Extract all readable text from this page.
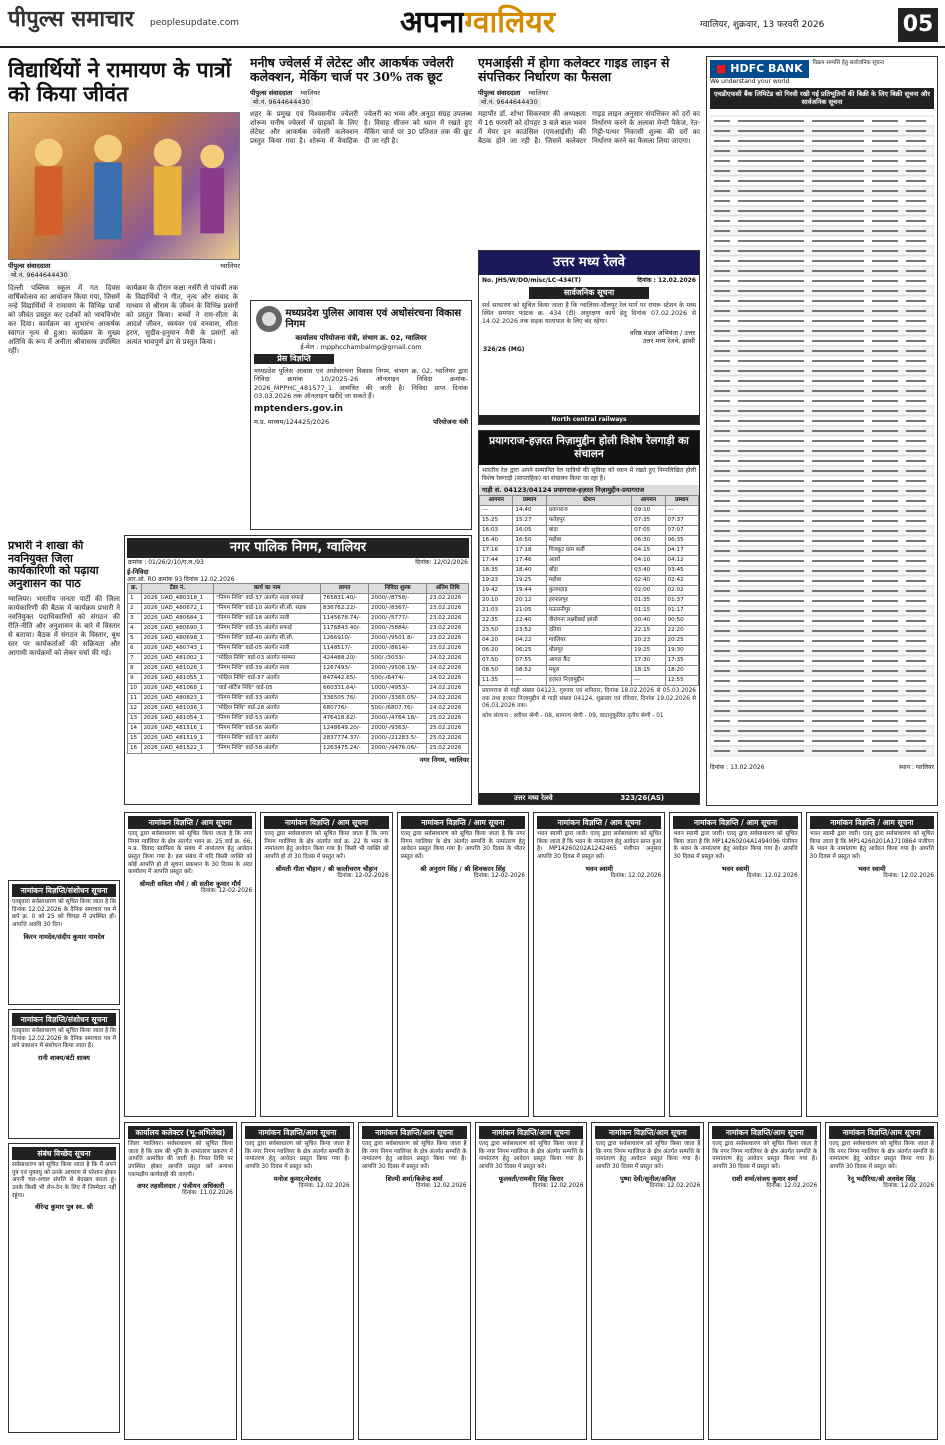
पीपुल्स समाचार peoplesupdate.com	अपनाग्वालियर	ग्वालियर, शुक्रवार, 13 फरवरी 2026	05
विद्यार्थियों ने रामायण के पात्रों को किया जीवंत
पीपुल्स संवाददाता	ग्वालियर
मो.नं. 9644644430

दिल्ली पब्लिक स्कूल में गत दिवस वार्षिकोत्सव का आयोजन किया गया, जिसमें नन्हे विद्यार्थियों ने रामायण के विभिन्न पात्रों को जीवंत प्रस्तुत कर दर्शकों को भावविभोर कर दिया। कार्यक्रम का शुभारंभ आकर्षक स्वागत नृत्य से हुआ। कार्यक्रम के मुख्य अतिथि के रूप में अनीता श्रीवास्तव उपस्थित रहीं।

कार्यक्रम के दौरान कक्षा नर्सरी से पांचवीं तक के विद्यार्थियों ने गीत, नृत्य और संवाद के माध्यम से श्रीराम के जीवन के विभिन्न प्रसंगों को प्रस्तुत किया। बच्चों ने राम-सीता के आदर्श जीवन, स्वयंवर एवं वनवास, सीता हरण, सुग्रीव-हनुमान मैत्री के प्रसंगों को अत्यंत भावपूर्ण ढंग से प्रस्तुत किया।

प्रभारी ने शाखा की नवनियुक्त जिला कार्यकारिणी को पढ़ाया अनुशासन का पाठ

ग्वालियर। भारतीय जनता पार्टी की जिला कार्यकारिणी की बैठक में कार्यक्रम प्रभारी ने नवनियुक्त पदाधिकारियों को संगठन की रीति-नीति और अनुशासन के बारे में विस्तार से बताया। बैठक में संगठन के विस्तार, बूथ स्तर पर कार्यकर्ताओं की सक्रियता और आगामी कार्यक्रमों को लेकर चर्चा की गई।

मनीष ज्वेलर्स में लेटेस्ट और आकर्षक ज्वेलरी कलेक्शन, मेकिंग चार्ज पर 30% तक छूट
पीपुल्स संवाददाता ग्वालियर
मो.नं. 9644644430

शहर के प्रमुख एवं विश्वसनीय ज्वेलरी शोरूम मनीष ज्वेलर्स में ग्राहकों के लिए लेटेस्ट और आकर्षक ज्वेलरी कलेक्शन प्रस्तुत किया गया है। शोरूम में वैवाहिक ज्वेलरी का भव्य और अनूठा संग्रह उपलब्ध है। विवाह सीजन को ध्यान में रखते हुए मेकिंग चार्ज पर 30 प्रतिशत तक की छूट दी जा रही है।

एमआईसी में होगा कलेक्टर गाइड लाइन से संपत्तिकर निर्धारण का फैसला
पीपुल्स संवाददाता ग्वालियर
मो.नं. 9644644430

महापौर डॉ. शोभा सिकरवार की अध्यक्षता में 16 फरवरी को दोपहर 3 बजे बाल भवन में मेयर इन काउंसिल (एमआईसी) की बैठक होने जा रही है। जिसमें कलेक्टर गाइड लाइन अनुसार संपत्तिकर को दरों का निर्धारण करने के अलावा मेन्टी पैकेज, रेत-गिट्टी-पत्थर निकासी शुल्क की दरों का निर्धारण करने का फैसला लिया जाएगा।

उत्तर मध्य रेलवे
No. JHS/W/DO/misc/LC-434(T)	दिनांक : 12.02.2026
सार्वजनिक सूचना

सर्व साधारण को सूचित किया जाता है कि ग्वालियर-धौलपुर रेल मार्ग पर रायरू स्टेशन के मध्य स्थित समपार फाटक क्र. 434 (टी) अनुरक्षण कार्य हेतु दिनांक 07.02.2026 से 14.02.2026 तक सड़क यातायात के लिए बंद रहेगा।

वरिष्ठ मंडल अभियंता / उत्तर
उत्तर मध्य रेलवे, झांसी
326/26 (MG)
North central railways
मध्यप्रदेश पुलिस आवास एवं अधोसंरचना विकास निगम
कार्यालय परियोजना यंत्री, संभाग क्र. 02, ग्वालियर
ई-मेल : mpphcchambalmp@gmail.com
प्रेस विज्ञप्ति

मध्यप्रदेश पुलिस आवास एवं अधोसंरचना विकास निगम, संभाग क्र. 02, ग्वालियर द्वारा निविदा क्रमांक 10/2025-26 ऑनलाइन निविदा क्रमांक- 2026_MPPHC_481577_1 आमंत्रित की जाती है। निविदा प्राप्त दिनांक 03.03.2026 तक ऑनलाइन खरीदे जा सकते हैं।

mptenders.gov.in
म.प्र. माध्यम/124425/2026	परियोजना यंत्री
नगर पालिक निगम, ग्वालियर
क्रमांक : 01/26/2/10/ए.ल./93	दिनांक: 12/02/2026
ई-निविदा
आर.ओ. RO क्रमांक 93 दिनांक 12.02.2026
क्र.	टेंडर नं.	कार्य का नाम	लागत	निविदा शुल्क	अंतिम तिथि
1	2026_UAD_480318_1	"निगम निधि" वार्ड-37 अंतर्गत नाला सफाई	765831.40/-	2000/-/8758/-	23.02.2026
2	2026_UAD_480672_1	"निगम निधि" वार्ड-10 अंतर्गत सी.सी. सड़क	836762.22/-	2000/-/8367/-	23.02.2026
3	2026_UAD_480684_1	"निगम निधि" वार्ड-18 अंतर्गत नाली	1145678.74/-	2000/-/5777/-	23.02.2026
4	2026_UAD_480690_1	"निगम निधि" वार्ड-35 अंतर्गत सफाई	1176843.40/-	2000/-/5884/-	23.02.2026
5	2026_UAD_480698_1	"निगम निधि" वार्ड-40 अंतर्गत सी.सी.	1266910/-	2000/-/9501.8/-	23.02.2026
6	2026_UAD_480743_1	"निगम निधि" वार्ड-05 अंतर्गत नाली	1148517/-	2000/-/8614/-	23.02.2026
7	2026_UAD_481002_1	"मोहिल निधि" वार्ड-03 अंतर्गत मरम्मत	424488.20/-	500/-/3033/-	24.02.2026
8	2026_UAD_481026_1	"निगम निधि" वार्ड-39 अंतर्गत नाला	1267493/-	2000/-/9506.19/-	24.02.2026
9	2026_UAD_481055_1	"मोहिल निधि" वार्ड-37 अंतर्गत	847442.65/-	500/-/6474/-	24.02.2026
10	2026_UAD_481068_1	"वार्ड शॉर्टेज निधि" वार्ड-05	660331.64/-	1000/-/4953/-	24.02.2026
11	2026_UAD_480823_1	"निगम निधि" वार्ड-33 अंतर्गत	336505.76/-	2000/-/3365.05/-	24.02.2026
12	2026_UAD_481036_1	"मोहिल निधि" वार्ड-28 अंतर्गत	680776/-	500/-/6807.76/-	24.02.2026
13	2026_UAD_481054_1	"निगम निधि" वार्ड-53 अंतर्गत	476418.82/-	2000/-/4764.18/-	25.02.2026
14	2026_UAD_481516_1	"निगम निधि" वार्ड-56 अंतर्गत	1248649.20/-	2000/-/9363/-	25.02.2026
15	2026_UAD_481519_1	"निगम निधि" वार्ड-57 अंतर्गत	2837774.37/-	2000/-/21283.5/-	25.02.2026
16	2026_UAD_481522_1	"निगम निधि" वार्ड-58 अंतर्गत	1263475.24/-	2000/-/9476.06/-	25.02.2026
नगर निगम, ग्वालियर
प्रयागराज-हज़रत निज़ामुद्दीन होली विशेष रेलगाड़ी का संचालन

भारतीय रेल द्वारा अपने सम्मानित रेल यात्रियों की सुविधा को ध्यान में रखते हुए निम्नलिखित होली विशेष रेलगाड़ी (साप्ताहिक) का संचालन किया जा रहा है।

गाड़ी सं. 04123/04124 प्रयागराज-हज़रत निज़ामुद्दीन-प्रयागराज
आगमन	प्रस्थान	स्टेशन	आगमन	प्रस्थान
---	14:40	प्रयागराज	09:10	---
15:25	15:27	फतेहपुर	07:35	07:37
16:03	16:05	बांदा	07:05	07:07
16:40	16:50	महोबा	06:30	06:35
17:16	17:18	चित्रकूट धाम कर्वी	04:15	04:17
17:44	17:46	अतर्रा	04:10	04:12
18:35	18:40	बाँदा	03:40	03:45
19:23	19:25	महोबा	02:40	02:42
19:42	19:44	कुलपहाड़	02:00	02:02
20:10	20:12	हरपालपुर	01:35	01:37
21:03	21:05	मऊरानीपुर	01:15	01:17
22:35	22:40	वीरांगना लक्ष्मीबाई झांसी	00:40	00:50
23:50	23:52	दतिया	22:15	22:20
04:20	04:22	ग्वालियर	20:23	20:25
06:20	06:25	धौलपुर	19:25	19:30
07:50	07:55	आगरा कैंट	17:30	17:35
08:50	08:52	मथुरा	18:15	18:20
11:35	---	हज़रत निज़ामुद्दीन	---	12:55

प्रयागराज से गाड़ी संख्या 04123, गुरुवार एवं शनिवार, दिनांक 18.02.2026 से 05.03.2026 तक तथा हज़रत निज़ामुद्दीन से गाड़ी संख्या 04124, शुक्रवार एवं रविवार, दिनांक 19.02.2026 से 06.03.2026 तक।

कोच संरचना : स्लीपर श्रेणी - 08, सामान्य श्रेणी - 09, वातानुकूलित तृतीय श्रेणी - 01

उत्तर मध्य रेलवे	323/26(AS)
■ HDFC BANK
We understand your world
विक्रय सम्पत्ति हेतु सार्वजनिक सूचना
एचडीएफसी बैंक लिमिटेड को गिरवी रखी गई प्रतिभूतियों की बिक्री के लिए बिक्री सूचना और सार्वजनिक सूचना
दिनांक : 13.02.2026	स्थान : ग्वालियर
नामांकन विज्ञप्ति/संशोधन सूचना

एतद्द्वारा सर्वसाधारण को सूचित किया जाता है कि दिनांक 12.02.2026 के दैनिक समाचार पत्र में छपे क्र. 0 को 25 को चिपडा में उपस्थित हों। आपत्ति अवधि 30 दिन।

किरन नामदेव/संदीप कुमार नामदेव
नामांकन विज्ञप्ति/संशोधन सूचना

एतद्द्वारा सर्वसाधारण को सूचित किया जाता है कि दिनांक 12.02.2026 के दैनिक समाचार पत्र में छपे प्रकाशन में संशोधन किया जाता है।

रानी शाक्य/बंटी शाक्य
संबंध विच्छेद सूचना

सर्वसाधारण को सूचित किया जाता है कि मैं अपने पुत्र एवं पुत्रवधु को उनके आचरण से परेशान होकर अपनी चल-अचल संपत्ति से बेदखल करता हूं। उनके किसी भी लेन-देन के लिए मैं जिम्मेदार नहीं रहूंगा।

वीरेन्द्र कुमार पुत्र स्व. श्री
नामांकन विज्ञप्ति / आम सूचना

एतद् द्वारा सर्वसाधारण को सूचित किया जाता है कि नगर निगम ग्वालियर के क्षेत्र अंतर्गत भवन क्र. 25 वार्ड क्र. 66, म.प्र. विवाद स्वामित्व के संबंध में नामांतरण हेतु आवेदन प्रस्तुत किया गया है। इस संबंध में यदि किसी व्यक्ति को कोई आपत्ति हो तो सूचना प्रकाशन के 30 दिवस के अंदर कार्यालय में आपत्ति प्रस्तुत करें।

श्रीमती सविता मौर्य / श्री सतीश कुमार मौर्य
दिनांक: 12-02-2026
नामांकन विज्ञप्ति / आम सूचना

एतद् द्वारा सर्वसाधारण को सूचित किया जाता है कि नगर निगम ग्वालियर के क्षेत्र अंतर्गत वार्ड क्र. 22 के भवन के नामांतरण हेतु आवेदन किया गया है। किसी भी व्यक्ति को आपत्ति हो तो 30 दिवस में प्रस्तुत करें।

श्रीमती गीता चौहान / श्री कालीचरण चौहान
दिनांक: 12-02-2026
नामांकन विज्ञप्ति / आम सूचना

एतद् द्वारा सर्वसाधारण को सूचित किया जाता है कि नगर निगम ग्वालियर के क्षेत्र अंतर्गत सम्पत्ति के नामांतरण हेतु आवेदन प्रस्तुत किया गया है। आपत्ति 30 दिवस के भीतर प्रस्तुत करें।

श्री अनुराग सिंह / श्री शिवकरन सिंह
दिनांक: 12-02-2026
नामांकन विज्ञप्ति / आम सूचना

भवन स्वामी द्वारा जारी। एतद् द्वारा सर्वसाधारण को सूचित किया जाता है कि भवन के नामांतरण हेतु आवेदन प्राप्त हुआ है। MP14260202A1242465 पंजीयन अनुसार आपत्ति 30 दिवस में प्रस्तुत करें।

भवन स्वामी
दिनांक: 12.02.2026
नामांकन विज्ञप्ति / आम सूचना

भवन स्वामी द्वारा जारी। एतद् द्वारा सर्वसाधारण को सूचित किया जाता है कि MP14260204A1494096 पंजीयन के भवन के नामांतरण हेतु आवेदन किया गया है। आपत्ति 30 दिवस में प्रस्तुत करें।

भवन स्वामी
दिनांक: 12.02.2026
नामांकन विज्ञप्ति / आम सूचना

भवन स्वामी द्वारा जारी। एतद् द्वारा सर्वसाधारण को सूचित किया जाता है कि MP14260201A1710864 पंजीयन के भवन के नामांतरण हेतु आवेदन किया गया है। आपत्ति 30 दिवस में प्रस्तुत करें।

भवन स्वामी
दिनांक: 12.02.2026
कार्यालय कलेक्टर (भू-अभिलेख)

जिला ग्वालियर। सर्वसाधारण को सूचित किया जाता है कि ग्राम की भूमि के नामांतरण प्रकरण में आपत्ति आमंत्रित की जाती है। नियत तिथि पर उपस्थित होकर आपत्ति प्रस्तुत करें अन्यथा एकपक्षीय कार्यवाही की जाएगी।

अपर तहसीलदार / पंजीयन अधिकारी
दिनांक: 11.02.2026
नामांकन विज्ञप्ति/आम सूचना

एतद् द्वारा सर्वसाधारण को सूचित किया जाता है कि नगर निगम ग्वालियर के क्षेत्र अंतर्गत सम्पत्ति के नामांतरण हेतु आवेदन प्रस्तुत किया गया है। आपत्ति 30 दिवस में प्रस्तुत करें।

मनोज कुमार/मेरावंद
दिनांक: 12.02.2026
नामांकन विज्ञप्ति/आम सूचना

एतद् द्वारा सर्वसाधारण को सूचित किया जाता है कि नगर निगम ग्वालियर के क्षेत्र अंतर्गत सम्पत्ति के नामांतरण हेतु आवेदन प्रस्तुत किया गया है। आपत्ति 30 दिवस में प्रस्तुत करें।

शिल्पी शर्मा/बिजेन्द्र शर्मा
दिनांक: 12.02.2026
नामांकन विज्ञप्ति/आम सूचना

एतद् द्वारा सर्वसाधारण को सूचित किया जाता है कि नगर निगम ग्वालियर के क्षेत्र अंतर्गत सम्पत्ति के नामांतरण हेतु आवेदन प्रस्तुत किया गया है। आपत्ति 30 दिवस में प्रस्तुत करें।

फूलवती/रामवीर सिंह किरार
दिनांक: 12.02.2026
नामांकन विज्ञप्ति/आम सूचना

एतद् द्वारा सर्वसाधारण को सूचित किया जाता है कि नगर निगम ग्वालियर के क्षेत्र अंतर्गत सम्पत्ति के नामांतरण हेतु आवेदन प्रस्तुत किया गया है। आपत्ति 30 दिवस में प्रस्तुत करें।

पुष्पा देवी/सुनील/अनिल
दिनांक: 12.02.2026
नामांकन विज्ञप्ति/आम सूचना

एतद् द्वारा सर्वसाधारण को सूचित किया जाता है कि नगर निगम ग्वालियर के क्षेत्र अंतर्गत सम्पत्ति के नामांतरण हेतु आवेदन प्रस्तुत किया गया है। आपत्ति 30 दिवस में प्रस्तुत करें।

राशी शर्मा/संजय कुमार शर्मा
दिनांक: 12.02.2026
नामांकन विज्ञप्ति/आम सूचना

एतद् द्वारा सर्वसाधारण को सूचित किया जाता है कि नगर निगम ग्वालियर के क्षेत्र अंतर्गत सम्पत्ति के नामांतरण हेतु आवेदन प्रस्तुत किया गया है। आपत्ति 30 दिवस में प्रस्तुत करें।

रेनू भदौरिया/श्री अवधेश सिंह
दिनांक: 12.02.2026
